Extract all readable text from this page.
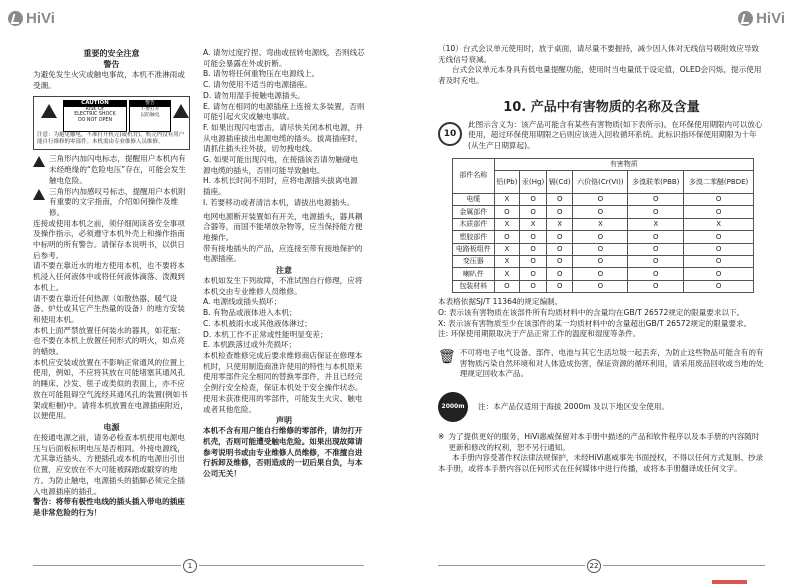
HiVi	HiVi

重要的安全注意

警告

为避免发生火灾或触电事故，本机不准淋雨或受潮。

CAUTION
RISK OF
ELECTRIC SHOCK
DO NOT OPEN
警告
不要打开
以防触电
注意：为避免触电，不准打开机壳(或机背)，机壳内没有用户能自行维修的零部件。本机需由专业维修人员维修。

三角形内加闪电标志，提醒用户本机内有未经绝缘的“危险电压”存在，可能会发生触电危险。

三角形内加感叹号标志，提醒用户本机附有重要的文字指南，介绍如何操作及维修。

连接或使用本机之前，须仔细阅读各安全事项及操作指示，必须遵守本机外壳上和操作指南中标明的所有警告。请保存本说明书，以供日后参考。

请不要在靠近水的地方使用本机，也不要将本机浸入任何液体中或将任何液体滴落、泼溅到本机上。

请不要在靠近任何热源（如散热器、暖气设备、炉灶或其它产生热量的设备）的地方安装和使用本机。

本机上面严禁放置任何装水的器具，如花瓶；也不要在本机上放置任何形式的明火，如点亮的蜡烛。

本机应安装或放置在不影响正常通风的位置上使用，例如，不应将其放在可能堵塞其通风孔的睡床、沙发、毯子或类似的表面上，亦不应放在可能阻碍空气流经其通风孔的装置(例如书架或柜橱)中。请将本机放置在电源插座附近，以便使用。

电源

在接通电源之前，请务必检查本机使用电源电压与后面板标明电压是否相同。外接电源线，尤其靠近插头、方便插孔或本机的电源出引出位置，应安放在不大可能被踩踏或戳穿的地方。为防止触电，电源插头的插脚必须完全插入电源插座的插孔。

警告：将带有极性电线的插头插入带电的插座是非常危险的行为！

A. 请勿过度拧捏、弯曲或扭转电源线，否则线芯可能会暴露在外或折断。

B. 请勿将任何重物压在电源线上。

C. 请勿使用不适当的电源插座。

D. 请勿用湿手接触电源插头。

E. 请勿在相同的电源插座上连接太多装置，否则可能引起火灾或触电事故。

F. 如果出现闪电雷击，请尽快关闭本机电源，并从电源插座拔出电源电缆的插头。拔离插座时，请抓住插头往外拔，切勿拽电线。

G. 如果可能出现闪电，在接插该否请勿触碰电源电缆的插头，否则可能导致触电。

H. 本机长时间不用时，应将电源插头拔离电源插座。

I. 若要移动或者清洁本机，请拔出电源插头。

电网电源断开装置如有开关，电源插头，器具耦合器等，而国不能堵放杂物等，应当保持能方便地操作。

带有接地插头的产品，应连接至带有接地保护的电源插座。

注意

本机如发生下列故障，不准试图自行修理，应将本机交由专业维修人员维修。

A. 电源线或插头损坏；

B. 有物品或液体进入本机；

C. 本机被雨水或其他液体淋过；

D. 本机工作不正常或性能明显变差；

E. 本机跌落过或外壳损坏；

本机检查维修完成后要求维修商店保证在修理本机时，只使用制造商准许使用的特性与本机原来使用零部件完全相同的替换零部件，并且已经完全例行安全检查，保证本机处于安全操作状态。使用未获准使用的零部件，可能发生火灾、触电或者其他危险。

声明

本机不含有用户能自行维修的零部件，请勿打开机壳，否则可能遭受触电危险。如果出现故障请参考说明书或由专业维修人员维修，不准擅自进行拆卸及维修，否则造成的一切后果自负，与本公司无关！

（10）台式会议单元使用时，放于桌面，请尽量不要握持，减少因人体对无线信号吸附效应导致无线信号衰减。

台式会议单元本身具有低电量提醒功能，使用时当电量低于设定值，OLED会闪烁，提示使用者及时充电。

10. 产品中有害物质的名称及含量
10

此图示含义为：该产品可能含有某些有害物质(如下表所示)。在环保使用期限内可以放心使用，超过环保使用期限之后则应该进入回收循环系统。此标识指环保使用期限为十年(从生产日期算起)。

部件名称	有害物质					
	铅(Pb)	汞(Hg)	镉(Cd)	六价铬(Cr(VI))	多溴联苯(PBB)	多溴二苯醚(PBDE)
电缆	X	O	O	O	O	O
金属部件	O	O	O	O	O	O
木质部件	X	X	X	X	X	X
塑胶部件	O	O	O	O	O	O
电路板组件	X	O	O	O	O	O
变压器	X	O	O	O	O	O
喇叭件	X	O	O	O	O	O
包装材料	O	O	O	O	O	O

本表格依据SJ/T 11364的规定编制。

O: 表示该有害物质在该部件所有均质材料中的含量均在GB/T 26572规定的限量要求以下。

X: 表示该有害物质至少在该部件的某一均质材料中的含量超出GB/T 26572规定的限量要求。

注: 环保使用期限取决于产品正常工作的温度和湿度等条件。

🗑 不可将电子电气设备、部件、电池与其它生活垃圾一起丢弃，为防止这些物品可能含有的有害物质污染自然环境和对人体造成伤害，保证资源的循环利用，请采用废品回收或当地的处理规定回收本产品。

2000m	注：本产品仅适用于海拔 2000m 及以下地区安全使用。

※ 为了提供更好的服务，HiVi惠威保留对本手册中描述的产品和软件程序以及本手册的内容随时更新和修改的权利，恕不另行通知。

本手册内容受著作权法律法规保护，未经HiVi惠威事先书面授权，不得以任何方式复制、抄录本手册，或将本手册内容以任何形式在任何媒体中进行传播，或将本手册翻译成任何文字。

1	22
